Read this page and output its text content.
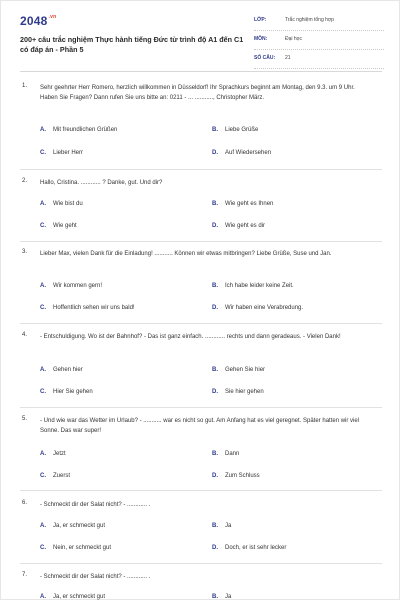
$2048^{.vn}$
200+ câu trắc nghiệm Thực hành tiếng Đức từ trình độ A1 đến C1 có đáp án - Phần 5
LỚP:	Trắc nghiệm tổng hợp
MÔN:	Đại học
SỐ CÂU: 21
1. Sehr geehrter Herr Romero, herzlich willkommen in Düsseldorf! Ihr Sprachkurs beginnt am Montag, den 9.3. um 9 Uhr. Haben Sie Fragen? Dann rufen Sie uns bitte an: 0211 - ... ..........., Christopher März.
A. Mit freundlichen Grüßen	B. Liebe Grüße
C. Lieber Herr	D. Auf Wiedersehen
2. Hallo, Cristina. ............ ? Danke, gut. Und dir?
A. Wie bist du	B. Wie geht es Ihnen
C. Wie geht	D. Wie geht es dir
3. Lieber Max, vielen Dank für die Einladung! ........... Können wir etwas mitbringen? Liebe Grüße, Suse und Jan.
A. Wir kommen gern!	B. Ich habe leider keine Zeit.
C. Hoffentlich sehen wir uns bald!	D. Wir haben eine Verabredung.
4. - Entschuldigung. Wo ist der Bahnhof? - Das ist ganz einfach. ............ rechts und dann geradeaus. - Vielen Dank!
A. Gehen hier	B. Gehen Sie hier
C. Hier Sie gehen	D. Sie hier gehen
5. - Und wie war das Wetter im Urlaub? - ........... war es nicht so gut. Am Anfang hat es viel geregnet. Später hatten wir viel Sonne. Das war super!
A. Jetzt	B. Dann
C. Zuerst	D. Zum Schluss
6. - Schmeckt dir der Salat nicht? - ............ .
A. Ja, er schmeckt gut	B. Ja
C. Nein, er schmeckt gut	D. Doch, er ist sehr lecker
7. - Schmeckt dir der Salat nicht? - ............ .
A. Ja, er schmeckt gut	B. Ja
